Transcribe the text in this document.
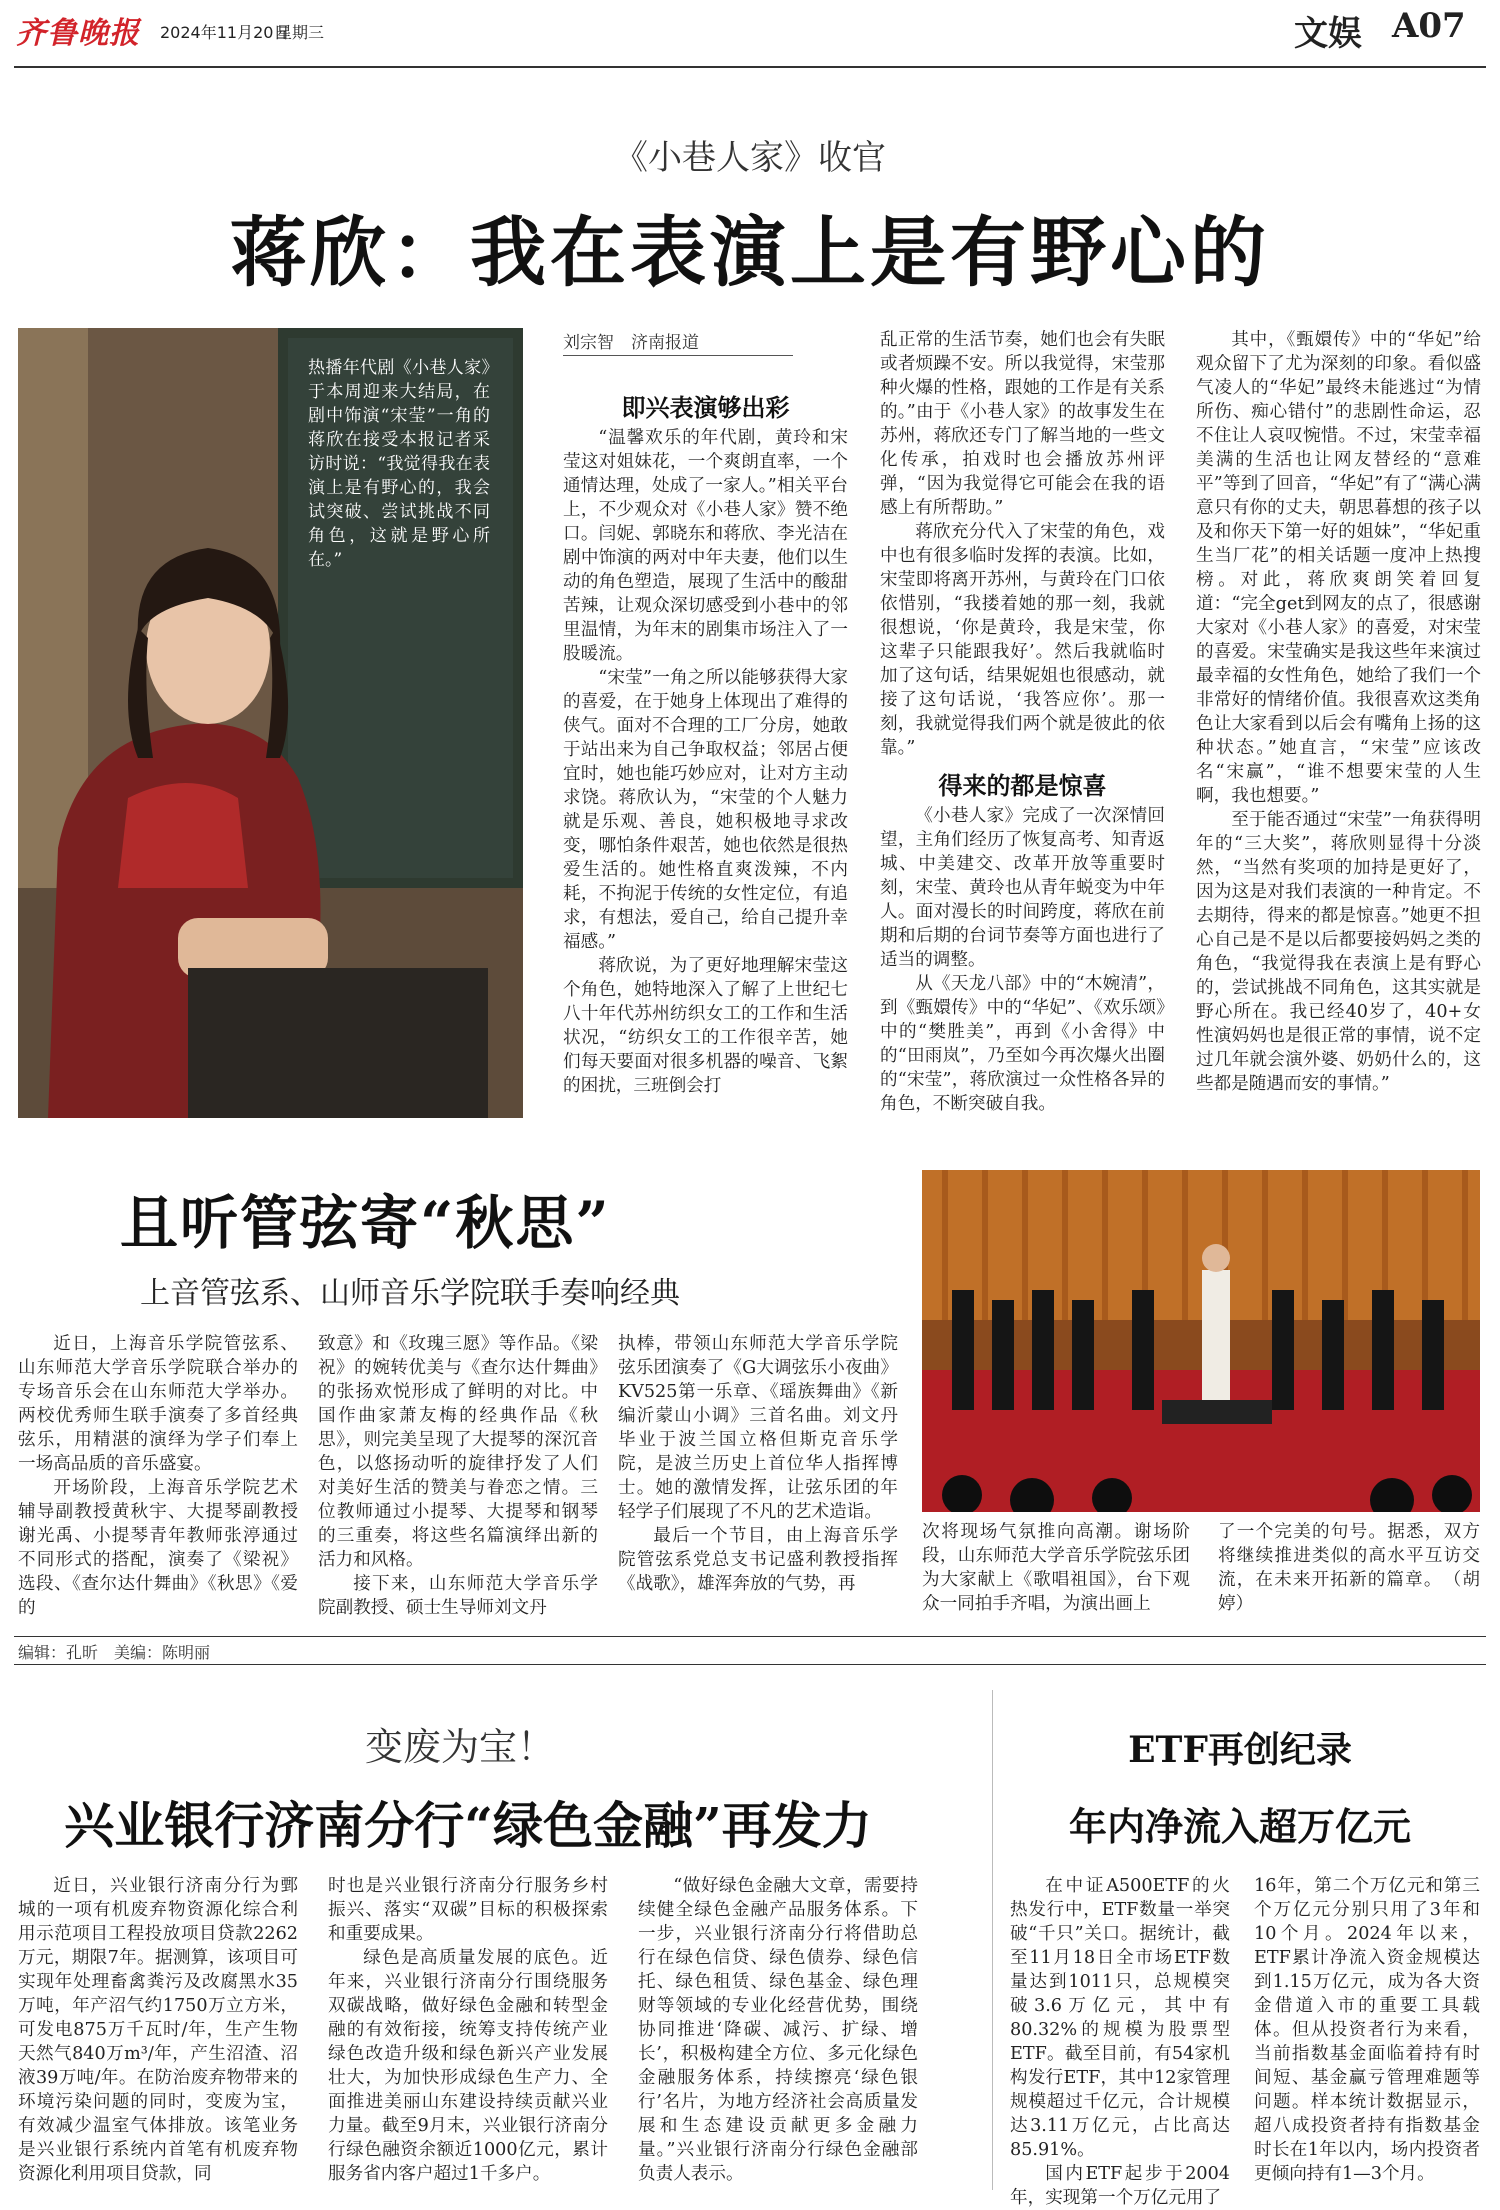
齐鲁晚报 2024年11月20日
星期三	文娱 A07
《小巷人家》收官
蒋欣：我在表演上是有野心的
热播年代剧《小巷人家》于本周迎来大结局，在剧中饰演“宋莹”一角的蒋欣在接受本报记者采访时说：“我觉得我在表演上是有野心的，我会试突破、尝试挑战不同角色，这就是野心所在。”
刘宗智　济南报道
即兴表演够出彩

“温馨欢乐的年代剧，黄玲和宋莹这对姐妹花，一个爽朗直率，一个通情达理，处成了一家人。”相关平台上，不少观众对《小巷人家》赞不绝口。闫妮、郭晓东和蒋欣、李光洁在剧中饰演的两对中年夫妻，他们以生动的角色塑造，展现了生活中的酸甜苦辣，让观众深切感受到小巷中的邻里温情，为年末的剧集市场注入了一股暖流。

“宋莹”一角之所以能够获得大家的喜爱，在于她身上体现出了难得的侠气。面对不合理的工厂分房，她敢于站出来为自己争取权益；邻居占便宜时，她也能巧妙应对，让对方主动求饶。蒋欣认为，“宋莹的个人魅力就是乐观、善良，她积极地寻求改变，哪怕条件艰苦，她也依然是很热爱生活的。她性格直爽泼辣，不内耗，不拘泥于传统的女性定位，有追求，有想法，爱自己，给自己提升幸福感。”

蒋欣说，为了更好地理解宋莹这个角色，她特地深入了解了上世纪七八十年代苏州纺织女工的工作和生活状况，“纺织女工的工作很辛苦，她们每天要面对很多机器的噪音、飞絮的困扰，三班倒会打

乱正常的生活节奏，她们也会有失眠或者烦躁不安。所以我觉得，宋莹那种火爆的性格，跟她的工作是有关系的。”由于《小巷人家》的故事发生在苏州，蒋欣还专门了解当地的一些文化传承，拍戏时也会播放苏州评弹，“因为我觉得它可能会在我的语感上有所帮助。”

蒋欣充分代入了宋莹的角色，戏中也有很多临时发挥的表演。比如，宋莹即将离开苏州，与黄玲在门口依依惜别，“我搂着她的那一刻，我就很想说，‘你是黄玲，我是宋莹，你这辈子只能跟我好’。然后我就临时加了这句话，结果妮姐也很感动，就接了这句话说，‘我答应你’。那一刻，我就觉得我们两个就是彼此的依靠。”

得来的都是惊喜

《小巷人家》完成了一次深情回望，主角们经历了恢复高考、知青返城、中美建交、改革开放等重要时刻，宋莹、黄玲也从青年蜕变为中年人。面对漫长的时间跨度，蒋欣在前期和后期的台词节奏等方面也进行了适当的调整。

从《天龙八部》中的“木婉清”，到《甄嬛传》中的“华妃”、《欢乐颂》中的“樊胜美”，再到《小舍得》中的“田雨岚”，乃至如今再次爆火出圈的“宋莹”，蒋欣演过一众性格各异的角色，不断突破自我。

其中，《甄嬛传》中的“华妃”给观众留下了尤为深刻的印象。看似盛气凌人的“华妃”最终未能逃过“为情所伤、痴心错付”的悲剧性命运，忍不住让人哀叹惋惜。不过，宋莹幸福美满的生活也让网友替经的“意难平”等到了回音，“华妃”有了“满心满意只有你的丈夫，朝思暮想的孩子以及和你天下第一好的姐妹”，“华妃重生当厂花”的相关话题一度冲上热搜榜。对此，蒋欣爽朗笑着回复道：“完全get到网友的点了，很感谢大家对《小巷人家》的喜爱，对宋莹的喜爱。宋莹确实是我这些年来演过最幸福的女性角色，她给了我们一个非常好的情绪价值。我很喜欢这类角色让大家看到以后会有嘴角上扬的这种状态。”她直言，“宋莹”应该改名“宋赢”，“谁不想要宋莹的人生啊，我也想要。”

至于能否通过“宋莹”一角获得明年的“三大奖”，蒋欣则显得十分淡然，“当然有奖项的加持是更好了，因为这是对我们表演的一种肯定。不去期待，得来的都是惊喜。”她更不担心自己是不是以后都要接妈妈之类的角色，“我觉得我在表演上是有野心的，尝试挑战不同角色，这其实就是野心所在。我已经40岁了，40+女性演妈妈也是很正常的事情，说不定过几年就会演外婆、奶奶什么的，这些都是随遇而安的事情。”

且听管弦寄“秋思”
上音管弦系、山师音乐学院联手奏响经典

近日，上海音乐学院管弦系、山东师范大学音乐学院联合举办的专场音乐会在山东师范大学举办。两校优秀师生联手演奏了多首经典弦乐，用精湛的演绎为学子们奉上一场高品质的音乐盛宴。

开场阶段，上海音乐学院艺术辅导副教授黄秋宇、大提琴副教授谢光禹、小提琴青年教师张渟通过不同形式的搭配，演奏了《梁祝》选段、《查尔达什舞曲》《秋思》《爱的

致意》和《玫瑰三愿》等作品。《梁祝》的婉转优美与《查尔达什舞曲》的张扬欢悦形成了鲜明的对比。中国作曲家萧友梅的经典作品《秋思》，则完美呈现了大提琴的深沉音色，以悠扬动听的旋律抒发了人们对美好生活的赞美与眷恋之情。三位教师通过小提琴、大提琴和钢琴的三重奏，将这些名篇演绎出新的活力和风格。

接下来，山东师范大学音乐学院副教授、硕士生导师刘文丹

执棒，带领山东师范大学音乐学院弦乐团演奏了《G大调弦乐小夜曲》KV525第一乐章、《瑶族舞曲》《新编沂蒙山小调》三首名曲。刘文丹毕业于波兰国立格但斯克音乐学院，是波兰历史上首位华人指挥博士。她的激情发挥，让弦乐团的年轻学子们展现了不凡的艺术造诣。

最后一个节目，由上海音乐学院管弦系党总支书记盛利教授指挥《战歌》，雄浑奔放的气势，再

次将现场气氛推向高潮。谢场阶段，山东师范大学音乐学院弦乐团为大家献上《歌唱祖国》，台下观众一同拍手齐唱，为演出画上

了一个完美的句号。据悉，双方将继续推进类似的高水平互访交流，在未来开拓新的篇章。　（胡婷）

编辑：孔昕　美编：陈明丽
变废为宝！
兴业银行济南分行“绿色金融”再发力

近日，兴业银行济南分行为鄄城的一项有机废弃物资源化综合利用示范项目工程投放项目贷款2262万元，期限7年。据测算，该项目可实现年处理畜禽粪污及改腐黑水35万吨，年产沼气约1750万立方米，可发电875万千瓦时/年，生产生物天然气840万m³/年，产生沼渣、沼液39万吨/年。在防治废弃物带来的环境污染问题的同时，变废为宝，有效减少温室气体排放。该笔业务是兴业银行系统内首笔有机废弃物资源化利用项目贷款，同

时也是兴业银行济南分行服务乡村振兴、落实“双碳”目标的积极探索和重要成果。

绿色是高质量发展的底色。近年来，兴业银行济南分行围绕服务双碳战略，做好绿色金融和转型金融的有效衔接，统筹支持传统产业绿色改造升级和绿色新兴产业发展壮大，为加快形成绿色生产力、全面推进美丽山东建设持续贡献兴业力量。截至9月末，兴业银行济南分行绿色融资余额近1000亿元，累计服务省内客户超过1千多户。

“做好绿色金融大文章，需要持续健全绿色金融产品服务体系。下一步，兴业银行济南分行将借助总行在绿色信贷、绿色债券、绿色信托、绿色租赁、绿色基金、绿色理财等领域的专业化经营优势，围绕协同推进‘降碳、减污、扩绿、增长’，积极构建全方位、多元化绿色金融服务体系，持续擦亮‘绿色银行’名片，为地方经济社会高质量发展和生态建设贡献更多金融力量。”兴业银行济南分行绿色金融部负责人表示。

ETF再创纪录
年内净流入超万亿元

在中证A500ETF的火热发行中，ETF数量一举突破“千只”关口。据统计，截至11月18日全市场ETF数量达到1011只，总规模突破3.6万亿元，其中有80.32%的规模为股票型ETF。截至目前，有54家机构发行ETF，其中12家管理规模超过千亿元，合计规模达3.11万亿元，占比高达85.91%。

国内ETF起步于2004年，实现第一个万亿元用了

16年，第二个万亿元和第三个万亿元分别只用了3年和10个月。2024年以来，ETF累计净流入资金规模达到1.15万亿元，成为各大资金借道入市的重要工具载体。但从投资者行为来看，当前指数基金面临着持有时间短、基金赢亏管理难题等问题。样本统计数据显示，超八成投资者持有指数基金时长在1年以内，场内投资者更倾向持有1—3个月。
